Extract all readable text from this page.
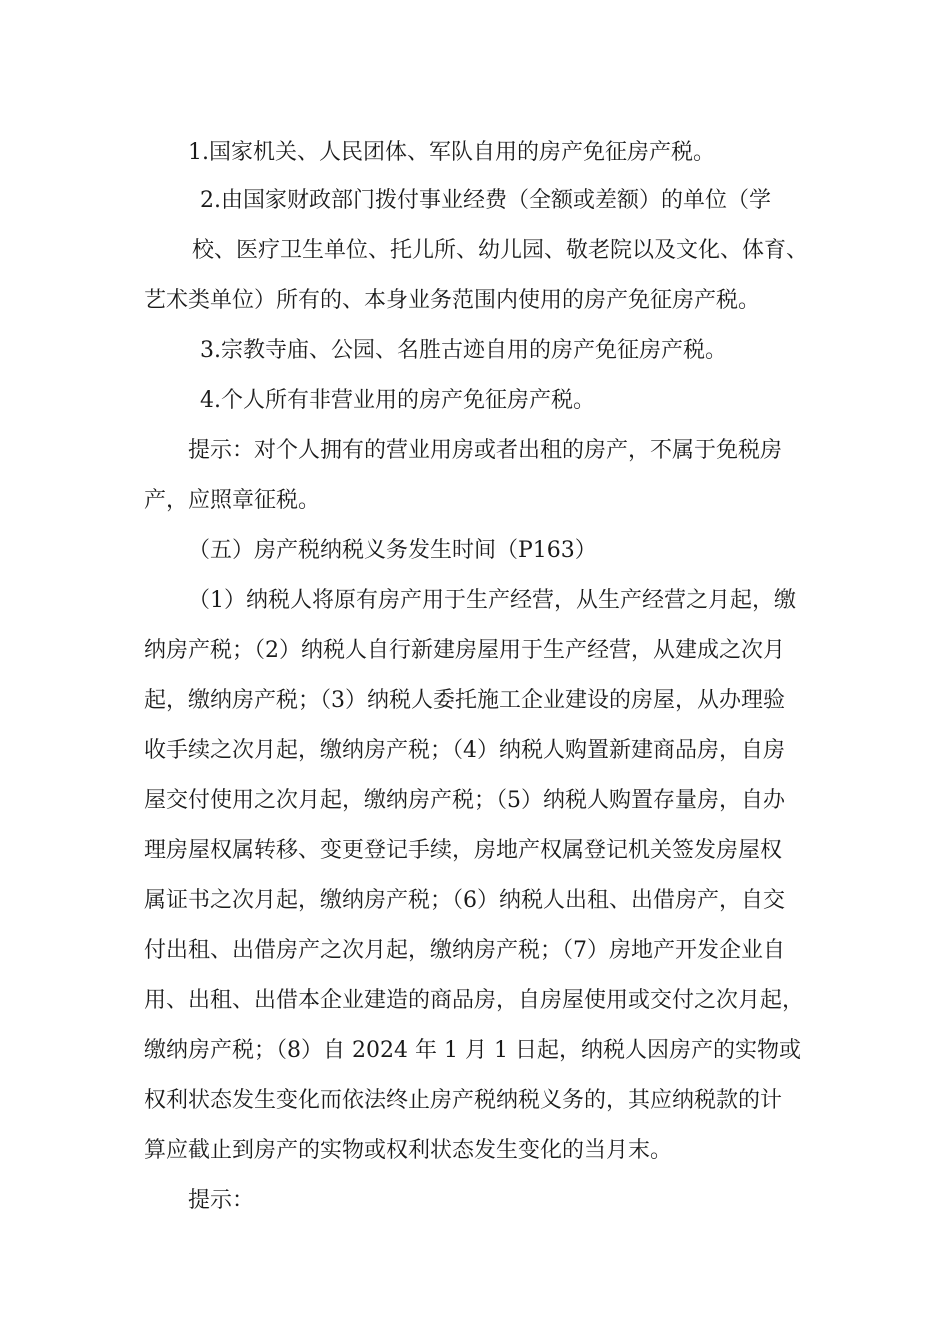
1.国家机关、人民团体、军队自用的房产免征房产税。
2.由国家财政部门拨付事业经费（全额或差额）的单位（学
校、医疗卫生单位、托儿所、幼儿园、敬老院以及文化、体育、
艺术类单位）所有的、本身业务范围内使用的房产免征房产税。
3.宗教寺庙、公园、名胜古迹自用的房产免征房产税。
4.个人所有非营业用的房产免征房产税。
提示：对个人拥有的营业用房或者出租的房产，不属于免税房
产，应照章征税。
（五）房产税纳税义务发生时间（P163）
（1）纳税人将原有房产用于生产经营，从生产经营之月起，缴
纳房产税；（2）纳税人自行新建房屋用于生产经营，从建成之次月
起，缴纳房产税；（3）纳税人委托施工企业建设的房屋，从办理验
收手续之次月起，缴纳房产税；（4）纳税人购置新建商品房，自房
屋交付使用之次月起，缴纳房产税；（5）纳税人购置存量房，自办
理房屋权属转移、变更登记手续，房地产权属登记机关签发房屋权
属证书之次月起，缴纳房产税；（6）纳税人出租、出借房产，自交
付出租、出借房产之次月起，缴纳房产税；（7）房地产开发企业自
用、出租、出借本企业建造的商品房，自房屋使用或交付之次月起，
缴纳房产税；（8）自 2024 年 1 月 1 日起，纳税人因房产的实物或
权利状态发生变化而依法终止房产税纳税义务的，其应纳税款的计
算应截止到房产的实物或权利状态发生变化的当月末。
提示：
